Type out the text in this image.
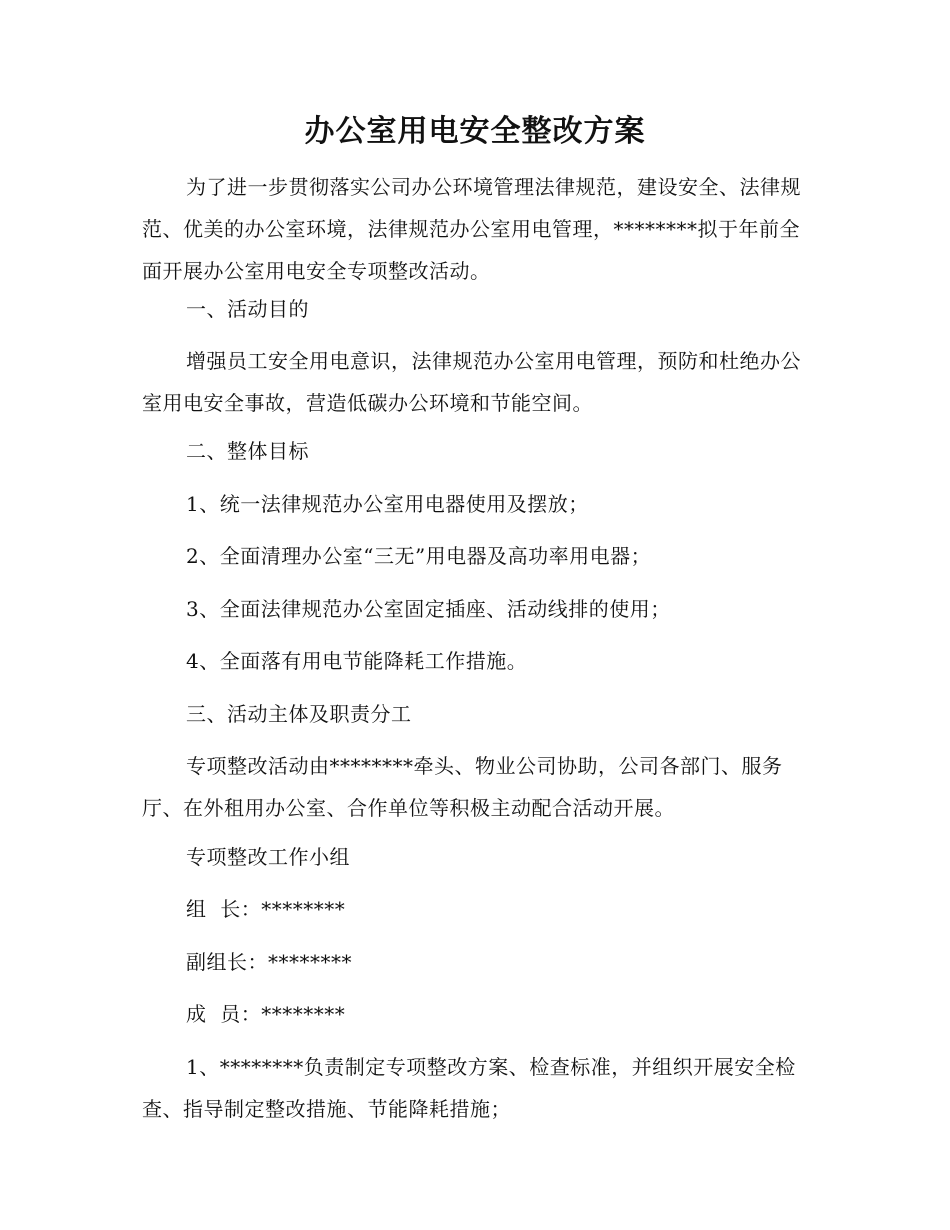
办公室用电安全整改方案

为了进一步贯彻落实公司办公环境管理法律规范，建设安全、法律规范、优美的办公室环境，法律规范办公室用电管理，********拟于年前全面开展办公室用电安全专项整改活动。

一、活动目的

增强员工安全用电意识，法律规范办公室用电管理，预防和杜绝办公室用电安全事故，营造低碳办公环境和节能空间。

二、整体目标

1、统一法律规范办公室用电器使用及摆放；

2、全面清理办公室“三无”用电器及高功率用电器；

3、全面法律规范办公室固定插座、活动线排的使用；

4、全面落有用电节能降耗工作措施。

三、活动主体及职责分工

专项整改活动由********牵头、物业公司协助，公司各部门、服务厅、在外租用办公室、合作单位等积极主动配合活动开展。

专项整改工作小组

组  长：********

副组长：********

成  员：********

1、********负责制定专项整改方案、检查标准，并组织开展安全检查、指导制定整改措施、节能降耗措施；
